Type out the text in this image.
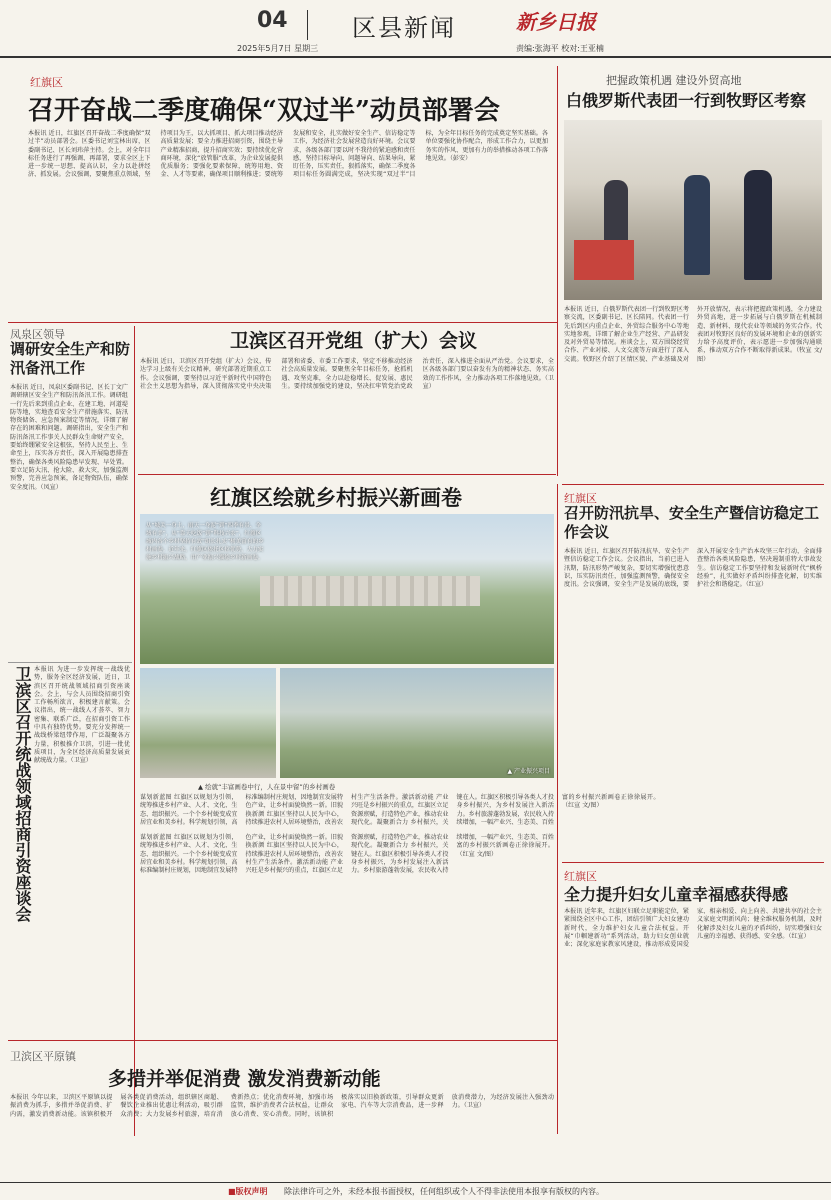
04	区县新闻
2025年5月7日 星期三
新乡日报
责编:张海平 校对:王亚楠
红旗区
召开奋战二季度确保“双过半”动员部署会
本报讯 近日，红旗区召开奋战二季度确保“双过半”动员部署会。区委书记刘宝林出席，区委副书记、区长刘玮萍主持。会上，对全年目标任务进行了再强调、再部署，要求全区上下进一步统一思想、提高认识，全力以赴拼经济、抓发展。会议强调，要聚焦重点领域，坚持项目为王，以大抓项目、抓大项目推动经济高质量发展；要全力推进招商引资，围绕主导产业精准招商，提升招商实效；要持续优化营商环境，深化“放管服”改革，为企业发展提供优质服务；要强化要素保障，统筹用地、资金、人才等要素，确保项目顺利推进；要统筹发展和安全，扎实做好安全生产、信访稳定等工作，为经济社会发展营造良好环境。会议要求，各级各部门要以时不我待的紧迫感和责任感，坚持目标导向、问题导向、结果导向，紧盯任务，压实责任，狠抓落实，确保二季度各项目标任务圆满完成，坚决实现“双过半”目标，为全年目标任务的完成奠定坚实基础。各单位要强化协作配合，形成工作合力，以更加务实的作风、更加有力的举措推动各项工作落地见效。（彭安）
把握政策机遇 建设外贸高地
白俄罗斯代表团一行到牧野区考察
本报讯 近日，白俄罗斯代表团一行到牧野区考察交流，区委副书记、区长陪同。代表团一行先后到区内重点企业、外贸综合服务中心等地实地参观，详细了解企业生产经营、产品研发及对外贸易等情况。座谈会上，双方围绕经贸合作、产业对接、人文交流等方面进行了深入交流。牧野区介绍了区情区貌、产业基础及对外开放情况，表示将把握政策机遇，全力建设外贸高地，进一步拓展与白俄罗斯在机械制造、新材料、现代农业等领域的务实合作。代表团对牧野区良好的发展环境和企业的创新实力给予高度评价，表示愿进一步加强沟通联系，推动双方合作不断取得新成果。（牧宣 文/图）
凤泉区领导
调研安全生产和防汛备汛工作
本报讯 近日，凤泉区委副书记、区长丁文广调研辖区安全生产和防汛备汛工作。调研组一行先后来到重点企业、在建工地、河道堤防等地，实地查看安全生产措施落实、防汛物资储备、应急预案制定等情况，详细了解存在的困难和问题。调研指出，安全生产和防汛备汛工作事关人民群众生命财产安全，要始终绷紧安全这根弦，坚持人民至上、生命至上，压实各方责任，深入开展隐患排查整治，确保各类风险隐患早发现、早处置。要立足防大汛、抢大险、救大灾，加强监测预警，完善应急预案，备足物资队伍，确保安全度汛。（凤宣）
卫滨区召开党组（扩大）会议
本报讯 近日，卫滨区召开党组（扩大）会议，传达学习上级有关会议精神，研究部署近期重点工作。会议强调，要坚持以习近平新时代中国特色社会主义思想为指导，深入贯彻落实党中央决策部署和省委、市委工作要求，坚定不移推动经济社会高质量发展。要聚焦全年目标任务，抢抓机遇、攻坚克难，全力以赴稳增长、促发展、惠民生。要持续加强党的建设，坚决扛牢管党治党政治责任，深入推进全面从严治党。会议要求，全区各级各部门要以奋发有为的精神状态、务实高效的工作作风，全力推动各项工作落地见效。（卫宣）
红旗区绘就乡村振兴新画卷
从“城关一身土，雨天一身泥”到“四季有景、全域有美”，从“靠天吃饭”到“科技兴农”，红旗区城内各个乡村坚持有效“组长扎实”树美富有的乡村画卷。近年来，红旗区依托区位优势，大力实施乡村振兴战略，用产业振兴描绘乡村新画卷。
▲ 产业振兴项目
▲ 绘就“丰富画卷中行，人在景中留”的乡村画卷
谋划新蓝图 红旗区以规划为引领，统筹推进乡村产业、人才、文化、生态、组织振兴。一个个乡村蜕变成宜居宜业和美乡村。科学规划引领，高标准编制村庄规划，因地制宜发展特色产业，让乡村面貌焕然一新。旧貌换新颜 红旗区坚持以人民为中心，持续推进农村人居环境整治，改善农村生产生活条件。激活新动能 产业兴旺是乡村振兴的重点，红旗区立足资源禀赋，打造特色产业，推动农业现代化。凝聚新合力 乡村振兴，关键在人。红旗区积极引导各类人才投身乡村振兴，为乡村发展注入新活力。乡村旅游蓬勃发展，农民收入持续增加，一幅产业兴、生态美、百姓富的乡村振兴新画卷正徐徐展开。（红宣 文/图）
谋划新蓝图 红旗区以规划为引领，统筹推进乡村产业、人才、文化、生态、组织振兴。一个个乡村蜕变成宜居宜业和美乡村。科学规划引领，高标准编制村庄规划，因地制宜发展特色产业，让乡村面貌焕然一新。旧貌换新颜 红旗区坚持以人民为中心，持续推进农村人居环境整治，改善农村生产生活条件。激活新动能 产业兴旺是乡村振兴的重点，红旗区立足资源禀赋，打造特色产业，推动农业现代化。凝聚新合力 乡村振兴，关键在人。红旗区积极引导各类人才投身乡村振兴，为乡村发展注入新活力。乡村旅游蓬勃发展，农民收入持续增加，一幅产业兴、生态美、百姓富的乡村振兴新画卷正徐徐展开。（红宣 文/图）
卫滨区召开统战领域招商引资座谈会 本报讯 为进一步发挥统一战线优势，服务全区经济发展，近日，卫滨区召开统战领域招商引资座谈会。会上，与会人员围绕招商引资工作畅所欲言，积极建言献策。会议指出，统一战线人才荟萃、智力密集、联系广泛，在招商引资工作中具有独特优势。要充分发挥统一战线桥梁纽带作用，广泛凝聚各方力量，积极推介卫滨，引进一批优质项目，为全区经济高质量发展贡献统战力量。（卫宣）
红旗区
召开防汛抗旱、安全生产暨信访稳定工作会议
本报讯 近日，红旗区召开防汛抗旱、安全生产暨信访稳定工作会议。会议指出，当前已进入汛期，防汛形势严峻复杂，要切实增强忧患意识，压实防汛责任，加强监测预警，确保安全度汛。会议强调，安全生产是发展的底线，要深入开展安全生产治本攻坚三年行动，全面排查整治各类风险隐患，坚决遏制重特大事故发生。信访稳定工作要坚持和发展新时代“枫桥经验”，扎实做好矛盾纠纷排查化解，切实维护社会和谐稳定。（红宣）
红旗区
全力提升妇女儿童幸福感获得感
本报讯 近年来，红旗区妇联立足职能定位，紧紧围绕全区中心工作，团结引领广大妇女建功新时代，全力维护妇女儿童合法权益。开展“巾帼建新功”系列活动，助力妇女创业就业；深化家庭家教家风建设，推动形成爱国爱家、相亲相爱、向上向善、共建共享的社会主义家庭文明新风尚；健全维权服务机制，及时化解涉及妇女儿童的矛盾纠纷，切实增强妇女儿童的幸福感、获得感、安全感。（红宣）
卫滨区平原镇
多措并举促消费 激发消费新动能
本报讯 今年以来，卫滨区平原镇以提振消费为抓手，多措并举促消费、扩内需，激发消费新动能。该镇积极开展各类促消费活动，组织辖区商超、餐饮企业推出优惠让利活动，吸引群众消费；大力发展乡村旅游，培育消费新热点；优化消费环境，加强市场监管，维护消费者合法权益，让群众放心消费、安心消费。同时，该镇积极落实以旧换新政策，引导群众更新家电、汽车等大宗消费品，进一步释放消费潜力，为经济发展注入强劲动力。（卫宣）
■版权声明 除法律许可之外，未经本报书面授权，任何组织或个人不得非法使用本报享有版权的内容。
